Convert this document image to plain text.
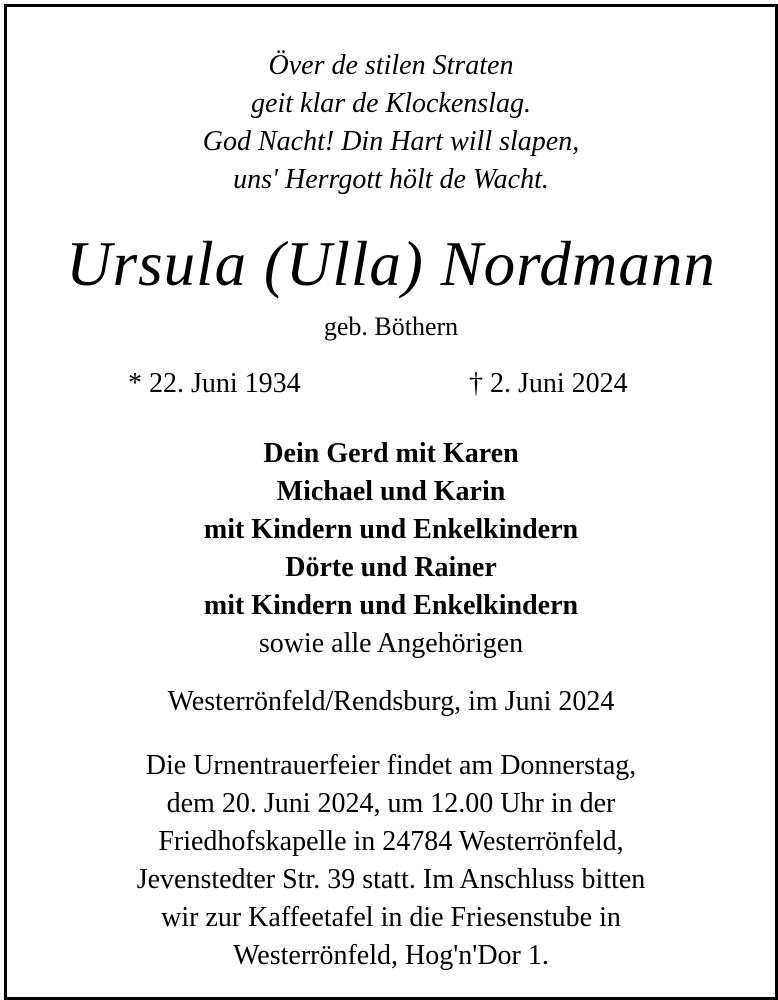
Över de stilen Straten
geit klar de Klockenslag.
God Nacht! Din Hart will slapen,
uns' Herrgott hölt de Wacht.
Ursula (Ulla) Nordmann
geb. Böthern
* 22. Juni 1934	† 2. Juni 2024
Dein Gerd mit Karen
Michael und Karin
mit Kindern und Enkelkindern
Dörte und Rainer
mit Kindern und Enkelkindern
sowie alle Angehörigen
Westerrönfeld/Rendsburg, im Juni 2024
Die Urnentrauerfeier findet am Donnerstag,
dem 20. Juni 2024, um 12.00 Uhr in der
Friedhofskapelle in 24784 Westerrönfeld,
Jevenstedter Str. 39 statt. Im Anschluss bitten
wir zur Kaffeetafel in die Friesenstube in
Westerrönfeld, Hog'n'Dor 1.
